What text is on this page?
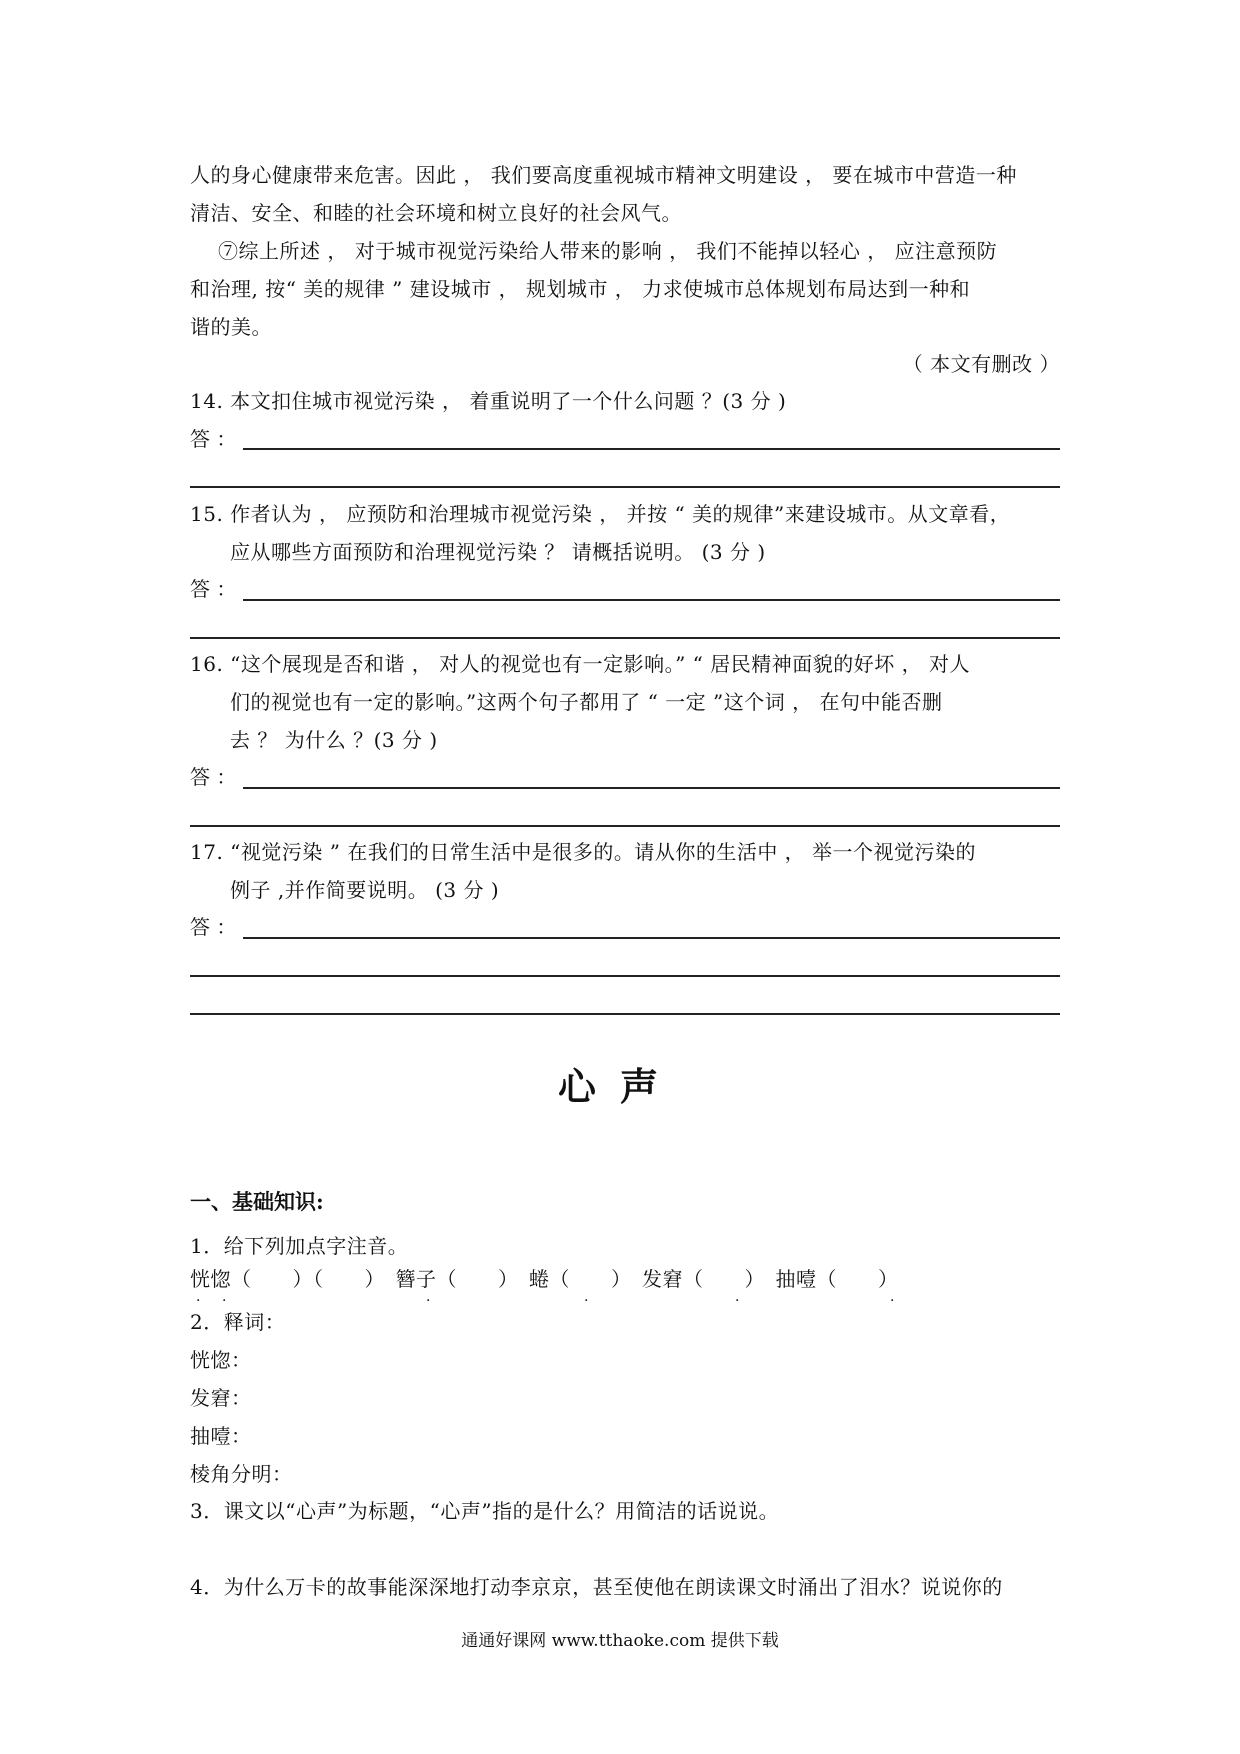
人的身心健康带来危害。因此 ， 我们要高度重视城市精神文明建设 ， 要在城市中营造一种
清洁、安全、和睦的社会环境和树立良好的社会风气。
⑦综上所述 ， 对于城市视觉污染给人带来的影响 ， 我们不能掉以轻心 ， 应注意预防
和治理, 按“ 美的规律 ” 建设城市 ， 规划城市 ， 力求使城市总体规划布局达到一种和
谐的美。
（ 本文有删改 ）
14. 本文扣住城市视觉污染 ， 着重说明了一个什么问题 ？(3 分 )
答 ：
15. 作者认为 ， 应预防和治理城市视觉污染 ， 并按 “ 美的规律”来建设城市。从文章看，
应从哪些方面预防和治理视觉污染 ？ 请概括说明。 (3 分 )
答 ：
16. “这个展现是否和谐 ， 对人的视觉也有一定影响。” “ 居民精神面貌的好坏 ， 对人
们的视觉也有一定的影响。”这两个句子都用了 “ 一定 ”这个词 ， 在句中能否删
去 ？ 为什么 ？(3 分 )
答 ：
17. “视觉污染 ” 在我们的日常生活中是很多的。请从你的生活中 ， 举一个视觉污染的
例子 ,并作简要说明。 (3 分 )
答 ：
心声
一、基础知识:
1．给下列加点字注音。
恍惚（　　）（　　）　簪子（　　）　蜷（　　）　发窘（　　）　抽噎（　　）
· ·	·	·	·	·
2．释词：
恍惚：
发窘：
抽噎：
棱角分明：
3．课文以“心声”为标题，“心声”指的是什么？用简洁的话说说。
4．为什么万卡的故事能深深地打动李京京，甚至使他在朗读课文时涌出了泪水？说说你的
通通好课网 www.tthaoke.com 提供下载
